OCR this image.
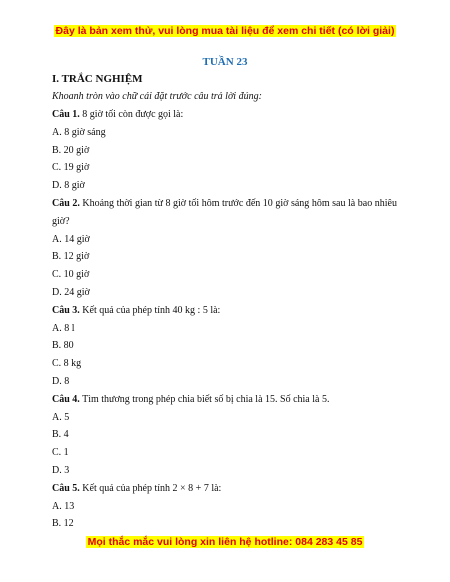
Đây là bản xem thử, vui lòng mua tài liệu để xem chi tiết (có lời giải)
TUẦN 23
I. TRẮC NGHIỆM
Khoanh tròn vào chữ cái đặt trước câu trả lời đúng:
Câu 1. 8 giờ tối còn được gọi là:
A. 8 giờ sáng
B. 20 giờ
C. 19 giờ
D. 8 giờ
Câu 2. Khoảng thời gian từ 8 giờ tối hôm trước đến 10 giờ sáng hôm sau là bao nhiêu giờ?
A. 14 giờ
B. 12 giờ
C. 10 giờ
D. 24 giờ
Câu 3. Kết quả của phép tính 40 kg : 5 là:
A. 8 l
B. 80
C. 8 kg
D. 8
Câu 4. Tìm thương trong phép chia biết số bị chia là 15. Số chia là 5.
A. 5
B. 4
C. 1
D. 3
Câu 5. Kết quả của phép tính 2 × 8 + 7 là:
A. 13
B. 12
Mọi thắc mắc vui lòng xin liên hệ hotline: 084 283 45 85
